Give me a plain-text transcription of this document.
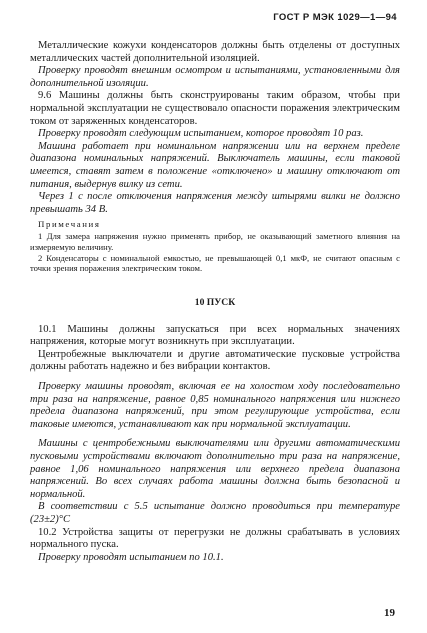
ГОСТ Р МЭК 1029—1—94

Металлические кожухи конденсаторов должны быть отделены от доступных металлических частей дополнительной изоляцией.

Проверку проводят внешним осмотром и испытаниями, установленными для дополнительной изоляции.

9.6 Машины должны быть сконструированы таким образом, чтобы при нормальной эксплуатации не существовало опасности поражения электрическим током от заряженных конденсаторов.

Проверку проводят следующим испытанием, которое проводят 10 раз.

Машина работает при номинальном напряжении или на верхнем пределе диапазона номинальных напряжений. Выключатель машины, если таковой имеется, ставят затем в положение «отключено» и машину отключают от питания, выдернув вилку из сети.

Через 1 с после отключения напряжения между штырями вилки не должно превышать 34 В.

Примечания

1 Для замера напряжения нужно применять прибор, не оказывающий заметного влияния на измеряемую величину.

2 Конденсаторы с номинальной емкостью, не превышающей 0,1 мкФ, не считают опасным с точки зрения поражения электрическим током.

10 ПУСК

10.1 Машины должны запускаться при всех нормальных значениях напряжения, которые могут возникнуть при эксплуатации.

Центробежные выключатели и другие автоматические пусковые устройства должны работать надежно и без вибрации контактов.

Проверку машины проводят, включая ее на холостом ходу последовательно три раза на напряжение, равное 0,85 номинального напряжения или нижнего предела диапазона напряжений, при этом регулирующие устройства, если таковые имеются, устанавливают как при нормальной эксплуатации.

Машины с центробежными выключателями или другими автоматическими пусковыми устройствами включают дополнительно три раза на напряжение, равное 1,06 номинального напряжения или верхнего предела диапазона напряжений. Во всех случаях работа машины должна быть безопасной и нормальной.

В соответствии с 5.5 испытание должно проводиться при температуре (23±2)°С

10.2 Устройства защиты от перегрузки не должны срабатывать в условиях нормального пуска.

Проверку проводят испытанием по 10.1.

19
